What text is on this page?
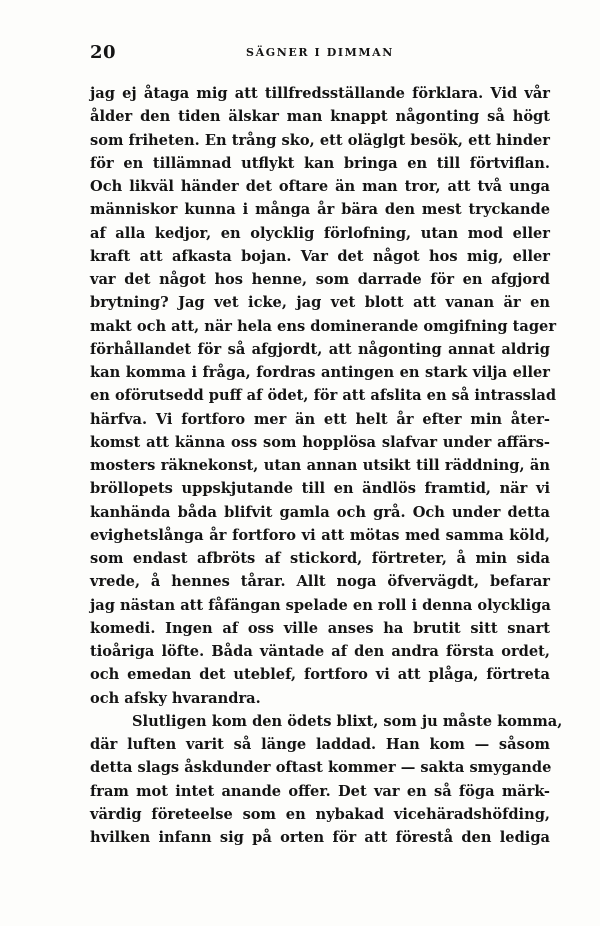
20	SÄGNER I DIMMAN
jag ej åtaga mig att tillfredsställande förklara. Vid vår
ålder den tiden älskar man knappt någonting så högt
som friheten. En trång sko, ett oläglgt besök, ett hinder
för en tillämnad utflykt kan bringa en till förtviflan.
Och likväl händer det oftare än man tror, att två unga
människor kunna i många år bära den mest tryckande
af alla kedjor, en olycklig förlofning, utan mod eller
kraft att afkasta bojan. Var det något hos mig, eller
var det något hos henne, som darrade för en afgjord
brytning? Jag vet icke, jag vet blott att vanan är en
makt och att, när hela ens dominerande omgifning tager
förhållandet för så afgjordt, att någonting annat aldrig
kan komma i fråga, fordras antingen en stark vilja eller
en oförutsedd puff af ödet, för att afslita en så intrasslad
härfva. Vi fortforo mer än ett helt år efter min åter-
komst att känna oss som hopplösa slafvar under affärs-
mosters räknekonst, utan annan utsikt till räddning, än
bröllopets uppskjutande till en ändlös framtid, när vi
kanhända båda blifvit gamla och grå. Och under detta
evighetslånga år fortforo vi att mötas med samma köld,
som endast afbröts af stickord, förtreter, å min sida
vrede, å hennes tårar. Allt noga öfvervägdt, befarar
jag nästan att fåfängan spelade en roll i denna olyckliga
komedi. Ingen af oss ville anses ha brutit sitt snart
tioåriga löfte. Båda väntade af den andra första ordet,
och emedan det uteblef, fortforo vi att plåga, förtreta
och afsky hvarandra.
Slutligen kom den ödets blixt, som ju måste komma,
där luften varit så länge laddad. Han kom — såsom
detta slags åskdunder oftast kommer — sakta smygande
fram mot intet anande offer. Det var en så föga märk-
värdig företeelse som en nybakad vicehäradshöfding,
hvilken infann sig på orten för att förestå den lediga
